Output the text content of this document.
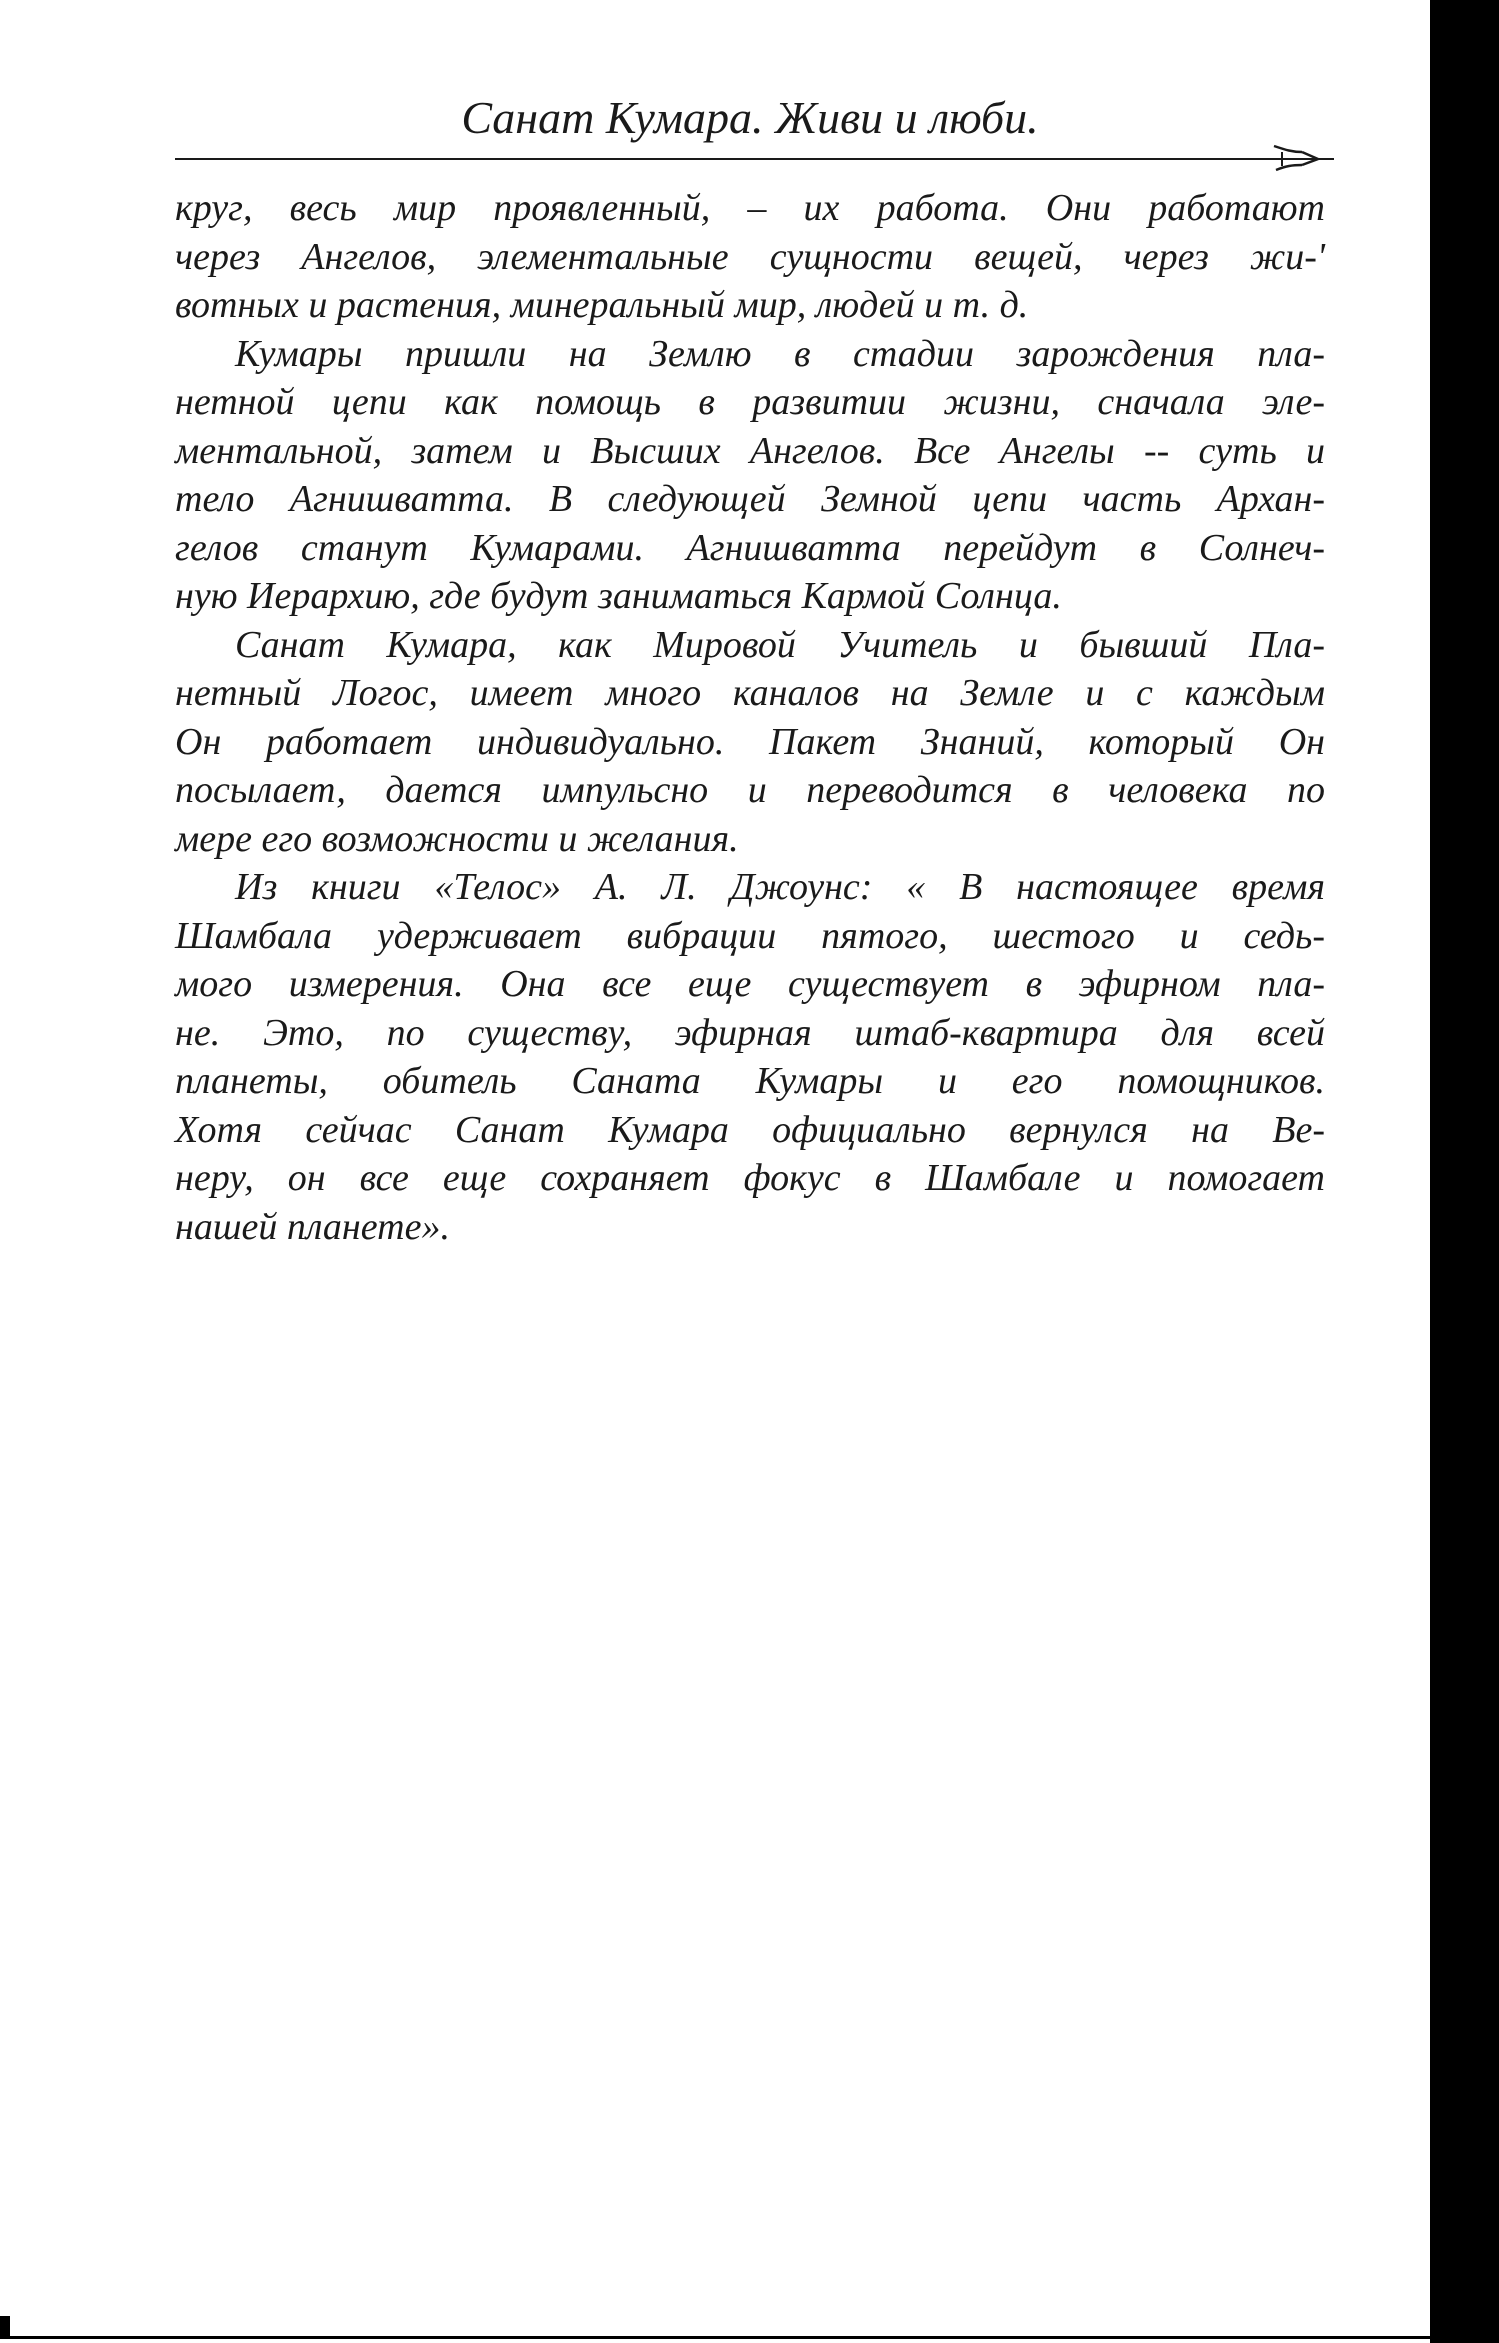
Санат Кумара. Живи и люби.

круг, весь мир проявленный, – их работа. Они работают
через Ангелов, элементальные сущности вещей, через жи-'
вотных и растения, минеральный мир, людей и т. д.

Кумары пришли на Землю в стадии зарождения пла-
нетной цепи как помощь в развитии жизни, сначала эле-
ментальной, затем и Высших Ангелов. Все Ангелы -- суть и
тело Агнишватта. В следующей Земной цепи часть Архан-
гелов станут Кумарами. Агнишватта перейдут в Солнеч-
ную Иерархию, где будут заниматься Кармой Солнца.

Санат Кумара, как Мировой Учитель и бывший Пла-
нетный Логос, имеет много каналов на Земле и с каждым
Он работает индивидуально. Пакет Знаний, который Он
посылает, дается импульсно и переводится в человека по
мере его возможности и желания.

Из книги «Телос» А. Л. Джоунс: « В настоящее время
Шамбала удерживает вибрации пятого, шестого и седь-
мого измерения. Она все еще существует в эфирном пла-
не. Это, по существу, эфирная штаб-квартира для всей
планеты, обитель Саната Кумары и его помощников.
Хотя сейчас Санат Кумара официально вернулся на Ве-
неру, он все еще сохраняет фокус в Шамбале и помогает
нашей планете».
